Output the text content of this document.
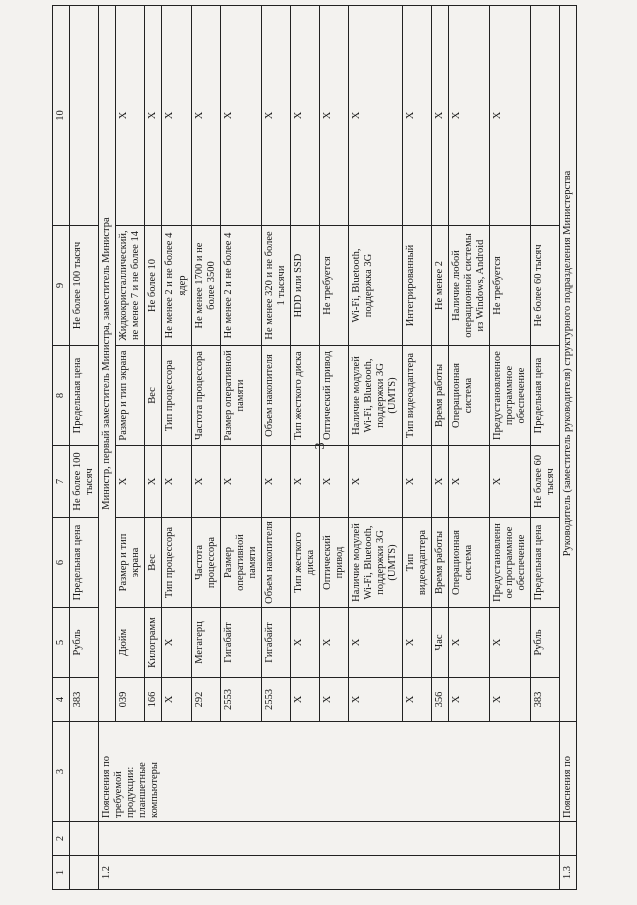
3
1	2	3	4	5	6	7	8	9	10
			383	Рубль	Предельная цена	Не более 100 тысяч	Предельная цена	Не более 100 тысяч	
1.2		Пояснения по требуемой продукции: планшетные компьютеры	Министр, первый заместитель Министра, заместитель Министра						
			039	Дюйм	Размер и тип экрана	X	Размер и тип экрана	Жидкокристаллический, не менее 7 и не более 14	X
			166	Килограмм	Вес	X	Вес	Не более 10	X
			X	X	Тип процессора	X	Тип процессора	Не менее 2 и не более 4 ядер	X
			292	Мегагерц	Частота процессора	X	Частота процессора	Не менее 1700 и не более 3500	X
			2553	Гигабайт	Размер оперативной памяти	X	Размер оперативной памяти	Не менее 2 и не более 4	X
			2553	Гигабайт	Объем накопителя	X	Объем накопителя	Не менее 320 и не более 1 тысячи	X
			X	X	Тип жесткого диска	X	Тип жесткого диска	HDD или SSD	X
			X	X	Оптический привод	X	Оптический привод	Не требуется	X
			X	X	Наличие модулей Wi-Fi, Bluetooth, поддержки 3G (UMTS)	X	Наличие модулей Wi-Fi, Bluetooth, поддержки 3G (UMTS)	Wi-Fi, Bluetooth, поддержка 3G	X
			X	X	Тип видеоадаптера	X	Тип видеоадаптера	Интегрированный	X
			356	Час	Время работы	X	Время работы	Не менее 2	X
			X	X	Операционная система	X	Операционная система	Наличие любой операционной системы из Windows, Android	X
			X	X	Предустановленное программное обеспечение	X	Предустановленное программное обеспечение	Не требуется	X
			383	Рубль	Предельная цена	Не более 60 тысяч	Предельная цена	Не более 60 тысяч	
1.3		Пояснения по	Руководитель (заместитель руководителя) структурного подразделения Министерства						
